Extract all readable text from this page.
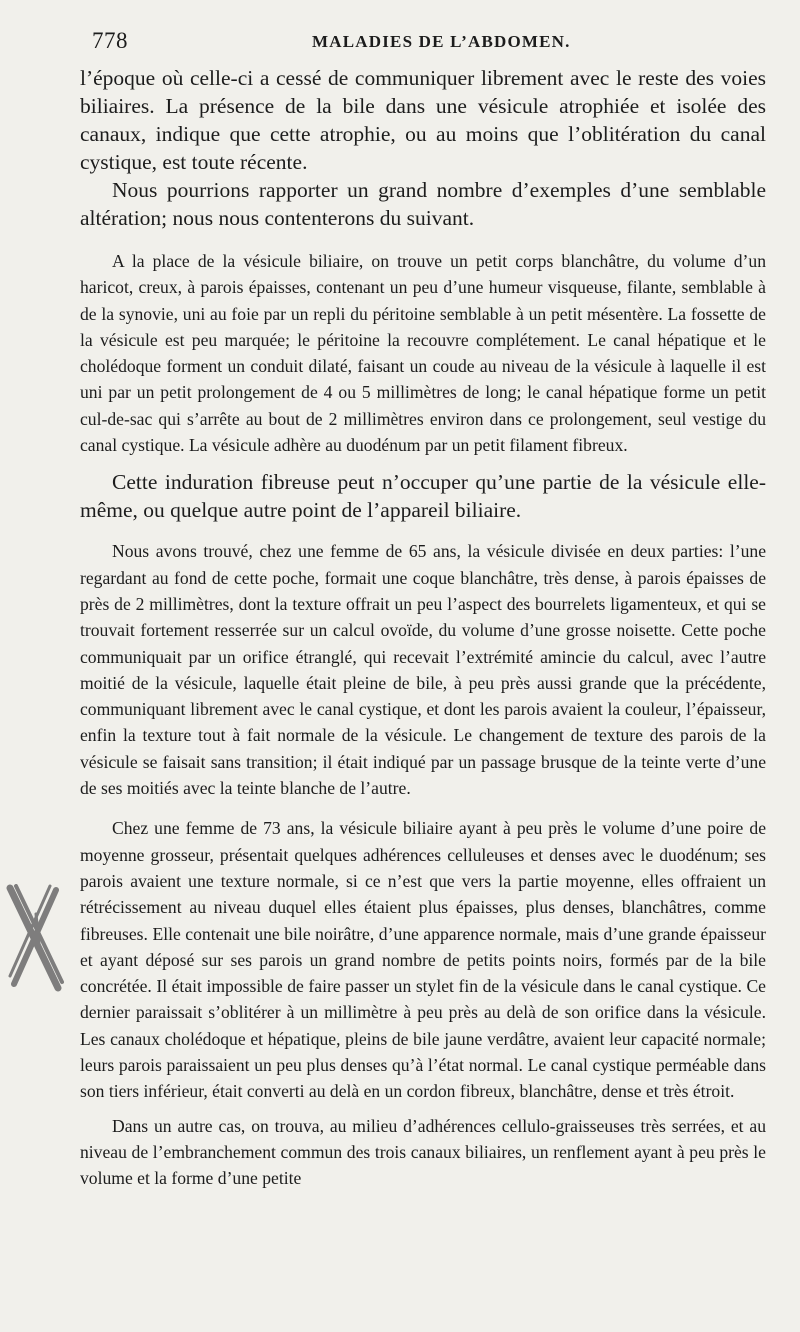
778	MALADIES DE L’ABDOMEN.

l’époque où celle-ci a cessé de communiquer librement avec le reste des voies biliaires. La présence de la bile dans une vésicule atrophiée et isolée des canaux, indique que cette atrophie, ou au moins que l’oblitération du canal cystique, est toute récente.

Nous pourrions rapporter un grand nombre d’exemples d’une semblable altération; nous nous contenterons du suivant.

A la place de la vésicule biliaire, on trouve un petit corps blanchâtre, du volume d’un haricot, creux, à parois épaisses, contenant un peu d’une humeur visqueuse, filante, semblable à de la synovie, uni au foie par un repli du péritoine semblable à un petit mésentère. La fossette de la vésicule est peu marquée; le péritoine la recouvre complétement. Le canal hépatique et le cholédoque forment un conduit dilaté, faisant un coude au niveau de la vésicule à laquelle il est uni par un petit prolongement de 4 ou 5 millimètres de long; le canal hépatique forme un petit cul-de-sac qui s’arrête au bout de 2 millimètres environ dans ce prolongement, seul vestige du canal cystique. La vésicule adhère au duodénum par un petit filament fibreux.

Cette induration fibreuse peut n’occuper qu’une partie de la vésicule elle-même, ou quelque autre point de l’appareil biliaire.

Nous avons trouvé, chez une femme de 65 ans, la vésicule divisée en deux parties: l’une regardant au fond de cette poche, formait une coque blanchâtre, très dense, à parois épaisses de près de 2 millimètres, dont la texture offrait un peu l’aspect des bourrelets ligamenteux, et qui se trouvait fortement resserrée sur un calcul ovoïde, du volume d’une grosse noisette. Cette poche communiquait par un orifice étranglé, qui recevait l’extrémité amincie du calcul, avec l’autre moitié de la vésicule, laquelle était pleine de bile, à peu près aussi grande que la précédente, communiquant librement avec le canal cystique, et dont les parois avaient la couleur, l’épaisseur, enfin la texture tout à fait normale de la vésicule. Le changement de texture des parois de la vésicule se faisait sans transition; il était indiqué par un passage brusque de la teinte verte d’une de ses moitiés avec la teinte blanche de l’autre.

Chez une femme de 73 ans, la vésicule biliaire ayant à peu près le volume d’une poire de moyenne grosseur, présentait quelques adhérences celluleuses et denses avec le duodénum; ses parois avaient une texture normale, si ce n’est que vers la partie moyenne, elles offraient un rétrécissement au niveau duquel elles étaient plus épaisses, plus denses, blanchâtres, comme fibreuses. Elle contenait une bile noirâtre, d’une apparence normale, mais d’une grande épaisseur et ayant déposé sur ses parois un grand nombre de petits points noirs, formés par de la bile concrétée. Il était impossible de faire passer un stylet fin de la vésicule dans le canal cystique. Ce dernier paraissait s’oblitérer à un millimètre à peu près au delà de son orifice dans la vésicule. Les canaux cholédoque et hépatique, pleins de bile jaune verdâtre, avaient leur capacité normale; leurs parois paraissaient un peu plus denses qu’à l’état normal. Le canal cystique perméable dans son tiers inférieur, était converti au delà en un cordon fibreux, blanchâtre, dense et très étroit.

Dans un autre cas, on trouva, au milieu d’adhérences cellulo-graisseuses très serrées, et au niveau de l’embranchement commun des trois canaux biliaires, un renflement ayant à peu près le volume et la forme d’une petite
